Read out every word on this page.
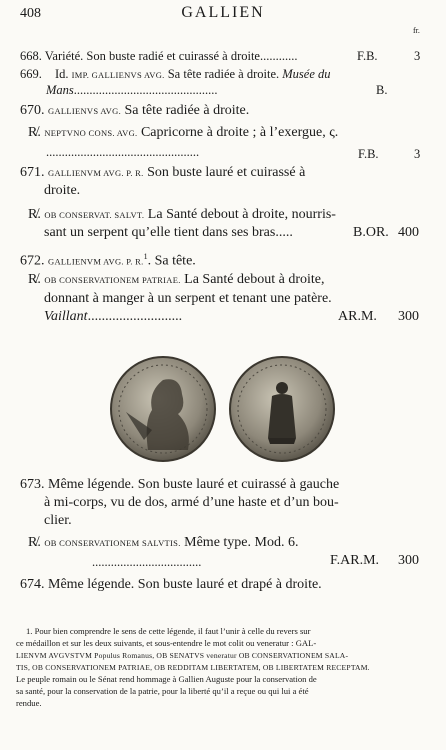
408	GALLIEN
fr.
668. Variété. Son buste radié et cuirassé à droite............	F.B.	3
669. Id. IMP. GALLIENVS AVG. Sa tête radiée à droite. Musée du
Mans..............................................	B.
670. GALLIENVS AVG. Sa tête radiée à droite.
R̸. NEPTVNO CONS. AVG. Capricorne à droite ; à l’exergue, ς.
.................................................	F.B.	3
671. GALLIENVM AVG. P. R. Son buste lauré et cuirassé à
droite.
R̸. OB CONSERVAT. SALVT. La Santé debout à droite, nourris-
sant un serpent qu’elle tient dans ses bras.....	B.OR. 400
672. GALLIENVM AVG. P. R.$^1$. Sa tête.
R̸. OB CONSERVATIONEM PATRIAE. La Santé debout à droite,
donnant à manger à un serpent et tenant une patère.
Vaillant...........................	AR.M. 300
673. Même légende. Son buste lauré et cuirassé à gauche
à mi-corps, vu de dos, armé d’une haste et d’un bou-
clier.
R̸. OB CONSERVATIONEM SALVTIS. Même type. Mod. 6.
...................................	F.AR.M. 300
674. Même légende. Son buste lauré et drapé à droite.
1. Pour bien comprendre le sens de cette légende, il faut l’unir à celle du revers sur
ce médaillon et sur les deux suivants, et sous-entendre le mot colit ou veneratur : GAL-
LIENVM AVGVSTVM Populus Romanus, OB SENATVS veneratur OB CONSERVATIONEM SALA-
TIS, OB CONSERVATIONEM PATRIAE, OB REDDITAM LIBERTATEM, OB LIBERTATEM RECEPTAM.
Le peuple romain ou le Sénat rend hommage à Gallien Auguste pour la conservation de
sa santé, pour la conservation de la patrie, pour la liberté qu’il a reçue ou qui lui a été
rendue.
